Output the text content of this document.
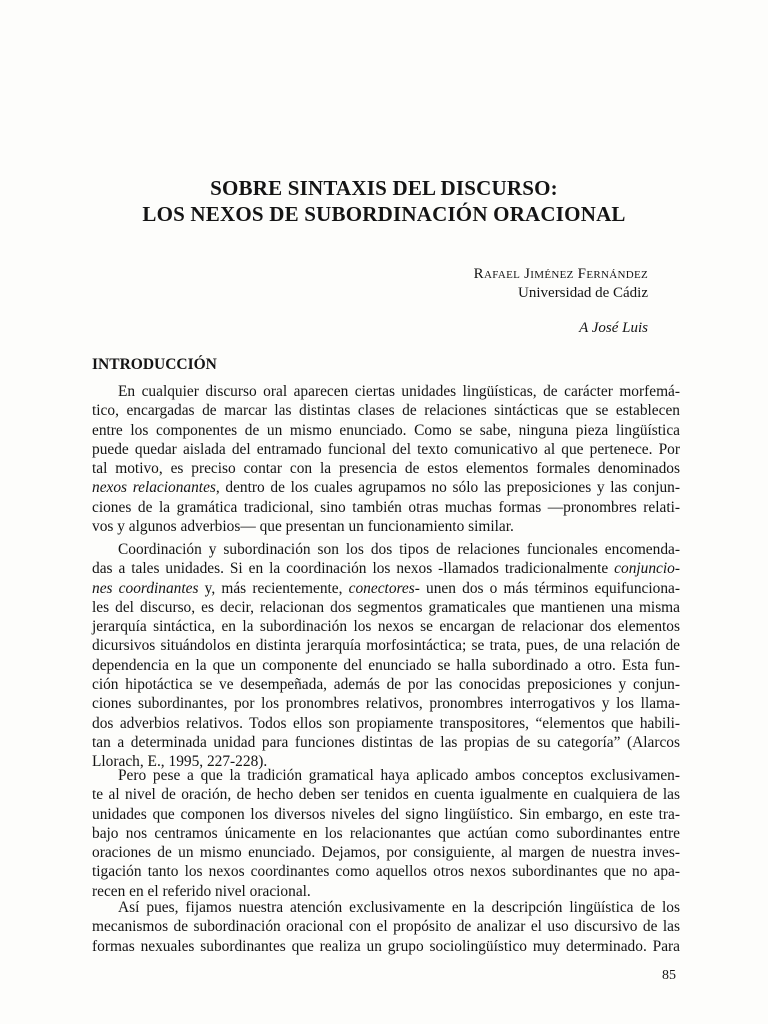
SOBRE SINTAXIS DEL DISCURSO:
LOS NEXOS DE SUBORDINACIÓN ORACIONAL
Rafael Jiménez Fernández
Universidad de Cádiz
A José Luis
INTRODUCCIÓN
En cualquier discurso oral aparecen ciertas unidades lingüísticas, de carácter morfemá-
tico, encargadas de marcar las distintas clases de relaciones sintácticas que se establecen
entre los componentes de un mismo enunciado. Como se sabe, ninguna pieza lingüística
puede quedar aislada del entramado funcional del texto comunicativo al que pertenece. Por
tal motivo, es preciso contar con la presencia de estos elementos formales denominados
nexos relacionantes, dentro de los cuales agrupamos no sólo las preposiciones y las conjun-
ciones de la gramática tradicional, sino también otras muchas formas —pronombres relati-
vos y algunos adverbios— que presentan un funcionamiento similar.
Coordinación y subordinación son los dos tipos de relaciones funcionales encomenda-
das a tales unidades. Si en la coordinación los nexos -llamados tradicionalmente conjuncio-
nes coordinantes y, más recientemente, conectores- unen dos o más términos equifunciona-
les del discurso, es decir, relacionan dos segmentos gramaticales que mantienen una misma
jerarquía sintáctica, en la subordinación los nexos se encargan de relacionar dos elementos
dicursivos situándolos en distinta jerarquía morfosintáctica; se trata, pues, de una relación de
dependencia en la que un componente del enunciado se halla subordinado a otro. Esta fun-
ción hipotáctica se ve desempeñada, además de por las conocidas preposiciones y conjun-
ciones subordinantes, por los pronombres relativos, pronombres interrogativos y los llama-
dos adverbios relativos. Todos ellos son propiamente transpositores, “elementos que habili-
tan a determinada unidad para funciones distintas de las propias de su categoría” (Alarcos
Llorach, E., 1995, 227-228).
Pero pese a que la tradición gramatical haya aplicado ambos conceptos exclusivamen-
te al nivel de oración, de hecho deben ser tenidos en cuenta igualmente en cualquiera de las
unidades que componen los diversos niveles del signo lingüístico. Sin embargo, en este tra-
bajo nos centramos únicamente en los relacionantes que actúan como subordinantes entre
oraciones de un mismo enunciado. Dejamos, por consiguiente, al margen de nuestra inves-
tigación tanto los nexos coordinantes como aquellos otros nexos subordinantes que no apa-
recen en el referido nivel oracional.
Así pues, fijamos nuestra atención exclusivamente en la descripción lingüística de los
mecanismos de subordinación oracional con el propósito de analizar el uso discursivo de las
formas nexuales subordinantes que realiza un grupo sociolingüístico muy determinado. Para
85
